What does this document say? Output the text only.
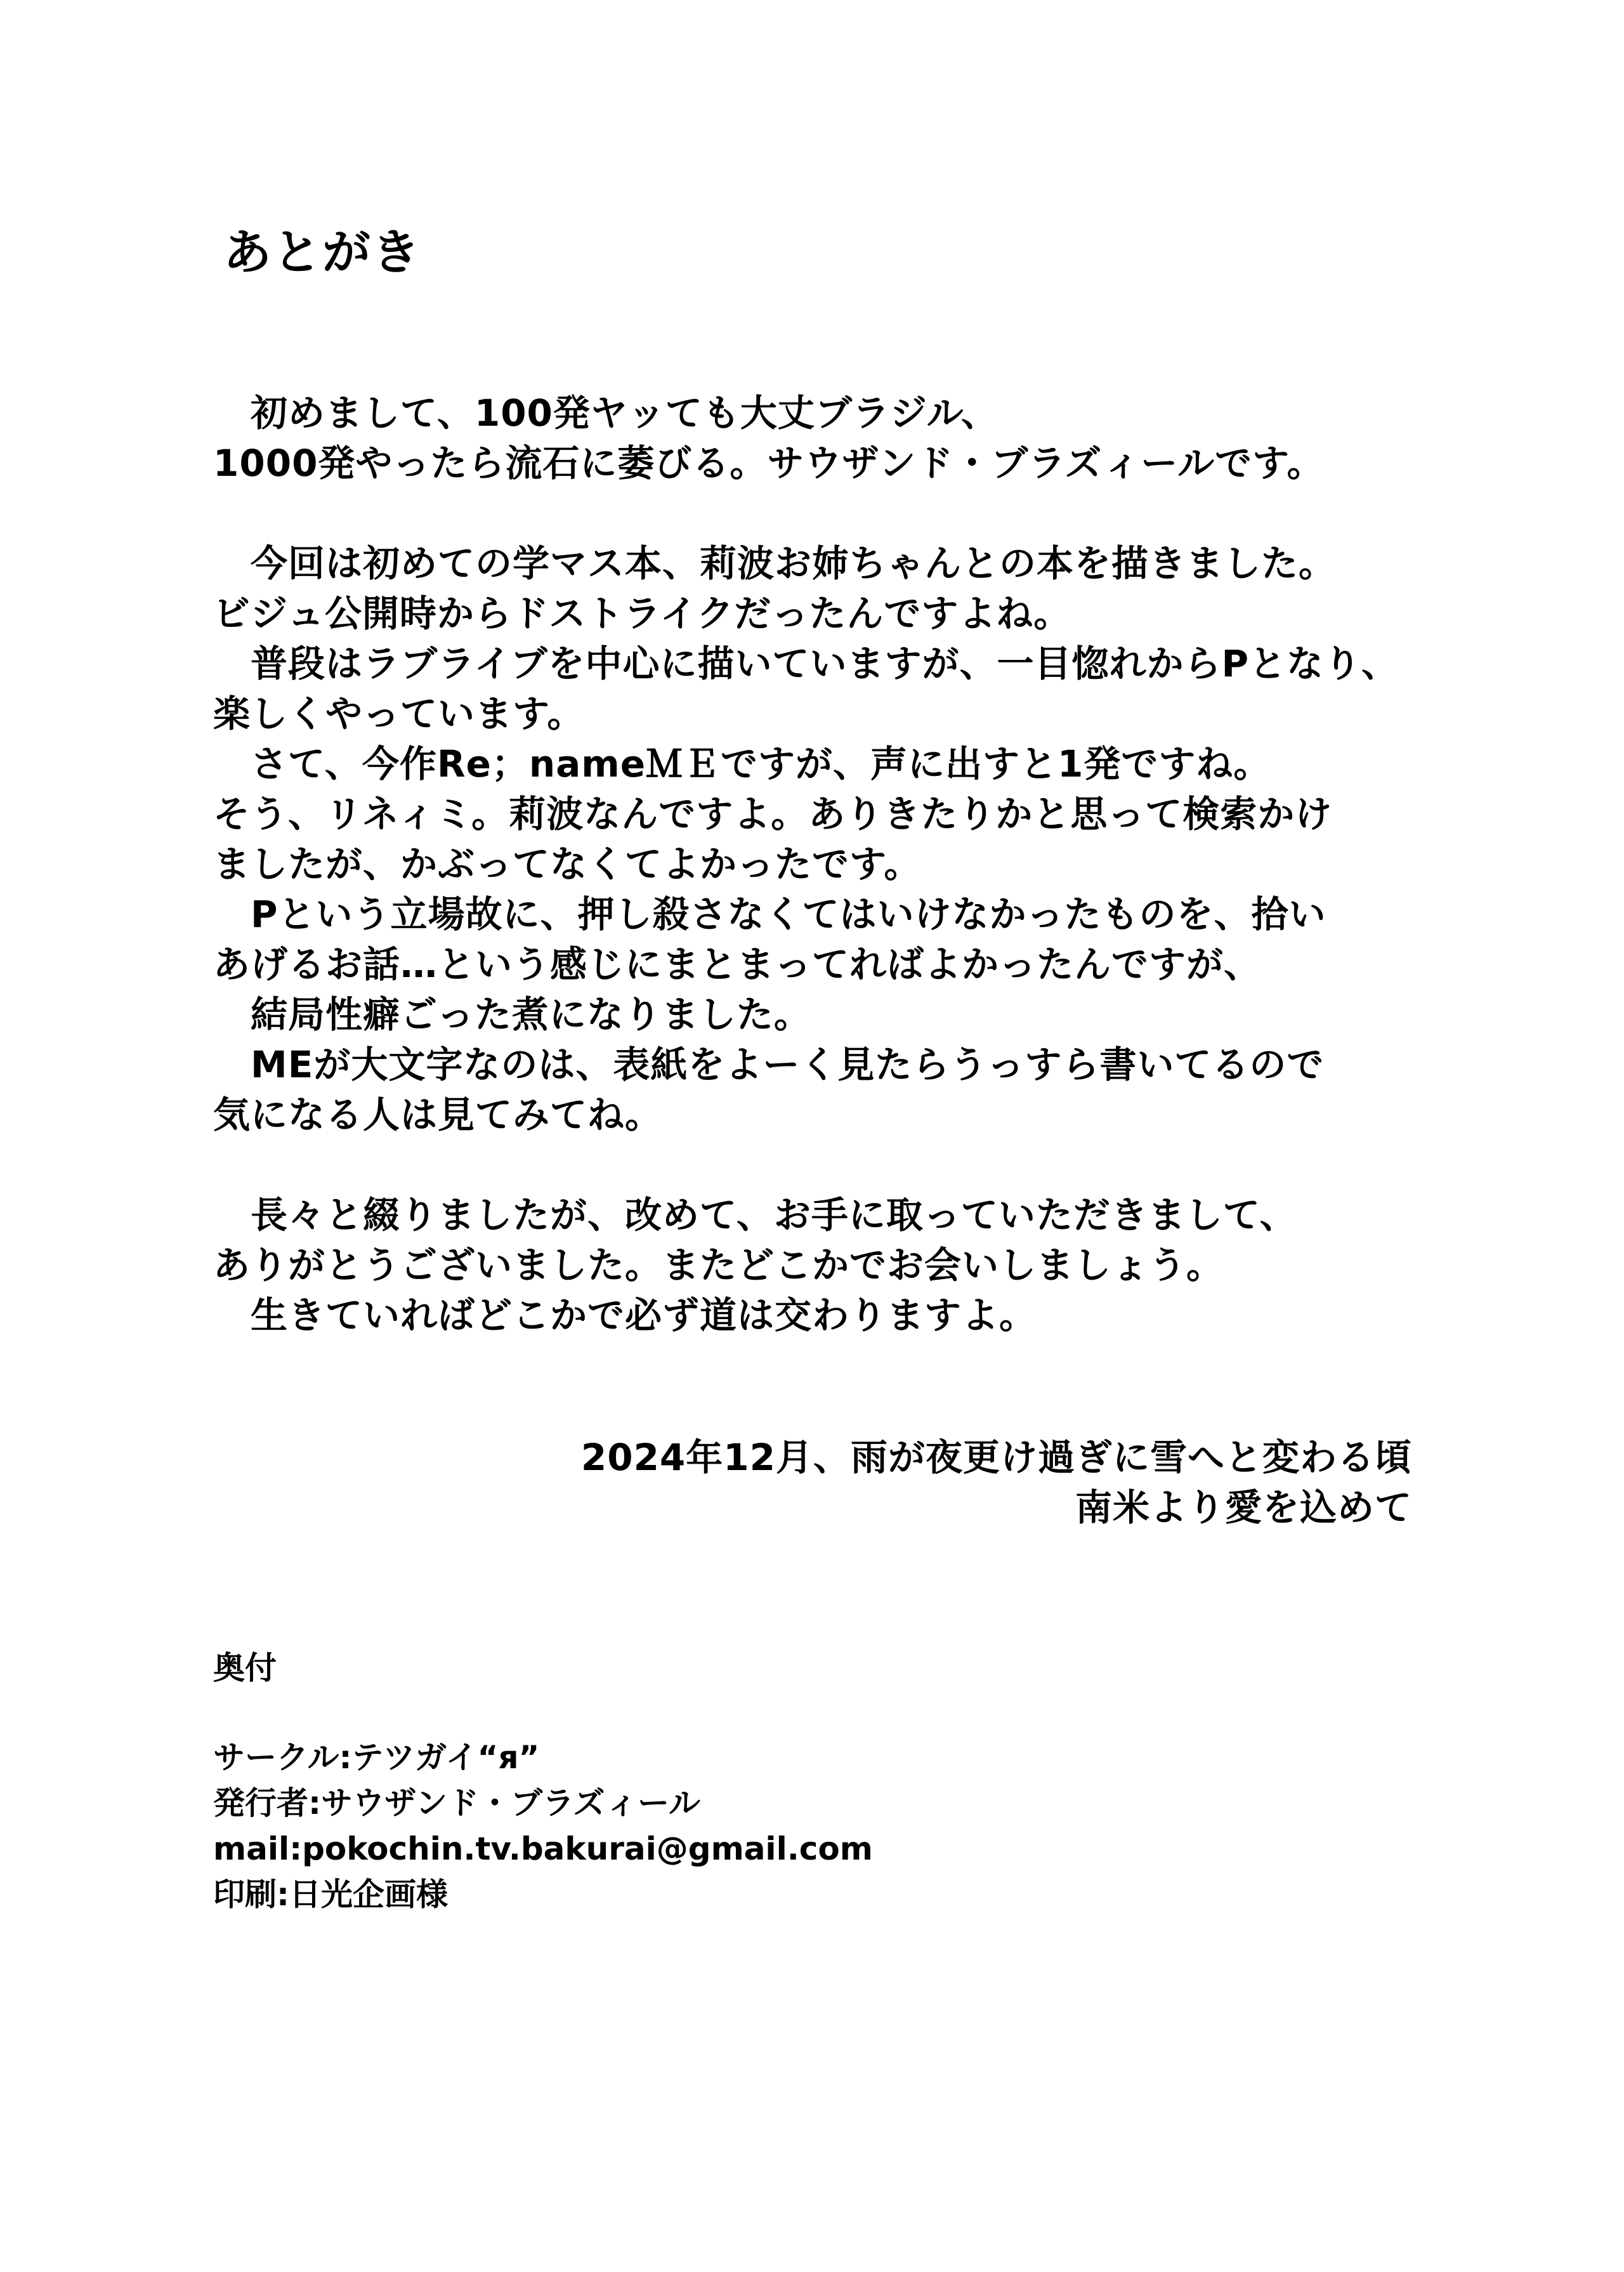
あとがき
　初めまして、100発ヤッても大丈ブラジル、
1000発やったら流石に萎びる。サウザンド・ブラズィールです。
　今回は初めての学マス本、莉波お姉ちゃんとの本を描きました。
ビジュ公開時からドストライクだったんですよね。
　普段はラブライブを中心に描いていますが、一目惚れからPとなり、
楽しくやっています。
　さて、今作Re；nameＭＥですが、声に出すと1発ですね。
そう、リネィミ。莉波なんですよ。ありきたりかと思って検索かけ
ましたが、かぶってなくてよかったです。
　Pという立場故に、押し殺さなくてはいけなかったものを、拾い
あげるお話…という感じにまとまってればよかったんですが、
　結局性癖ごった煮になりました。
　MEが大文字なのは、表紙をよーく見たらうっすら書いてるので
気になる人は見てみてね。
　長々と綴りましたが、改めて、お手に取っていただきまして、
ありがとうございました。またどこかでお会いしましょう。
　生きていればどこかで必ず道は交わりますよ。
2024年12月、雨が夜更け過ぎに雪へと変わる頃
南米より愛を込めて
奥付
サークル:テツガイ“я”
発行者:サウザンド・ブラズィール
mail:pokochin.tv.bakurai@gmail.com
印刷:日光企画様
